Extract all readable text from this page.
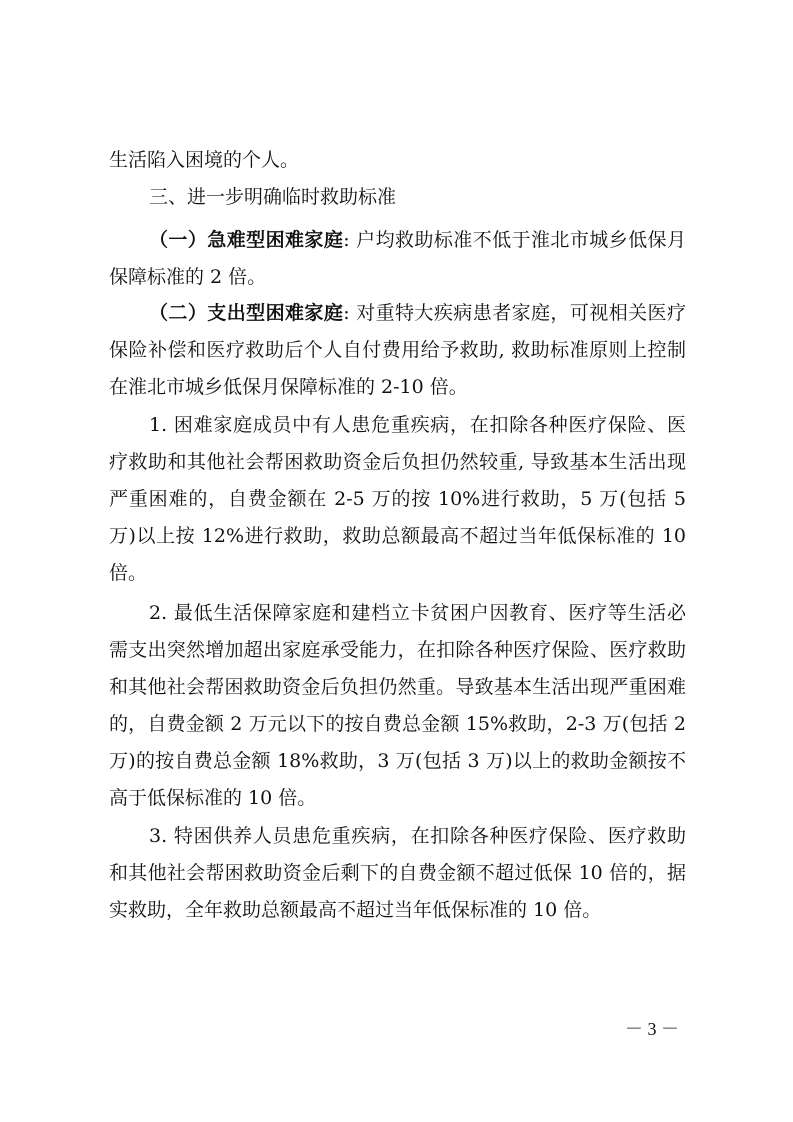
生活陷入困境的个人。

三、进一步明确临时救助标准

（一）急难型困难家庭: 户均救助标准不低于淮北市城乡低保月保障标准的 2 倍。

（二）支出型困难家庭: 对重特大疾病患者家庭，可视相关医疗保险补偿和医疗救助后个人自付费用给予救助, 救助标准原则上控制在淮北市城乡低保月保障标准的 2-10 倍。

1. 困难家庭成员中有人患危重疾病，在扣除各种医疗保险、医疗救助和其他社会帮困救助资金后负担仍然较重, 导致基本生活出现严重困难的，自费金额在 2-5 万的按 10%进行救助，5 万(包括 5 万)以上按 12%进行救助，救助总额最高不超过当年低保标准的 10 倍。

2. 最低生活保障家庭和建档立卡贫困户因教育、医疗等生活必需支出突然增加超出家庭承受能力，在扣除各种医疗保险、医疗救助和其他社会帮困救助资金后负担仍然重。导致基本生活出现严重困难的，自费金额 2 万元以下的按自费总金额 15%救助，2-3 万(包括 2 万)的按自费总金额 18%救助，3 万(包括 3 万)以上的救助金额按不高于低保标准的 10 倍。

3. 特困供养人员患危重疾病，在扣除各种医疗保险、医疗救助和其他社会帮困救助资金后剩下的自费金额不超过低保 10 倍的，据实救助，全年救助总额最高不超过当年低保标准的 10 倍。

－ 3 －
